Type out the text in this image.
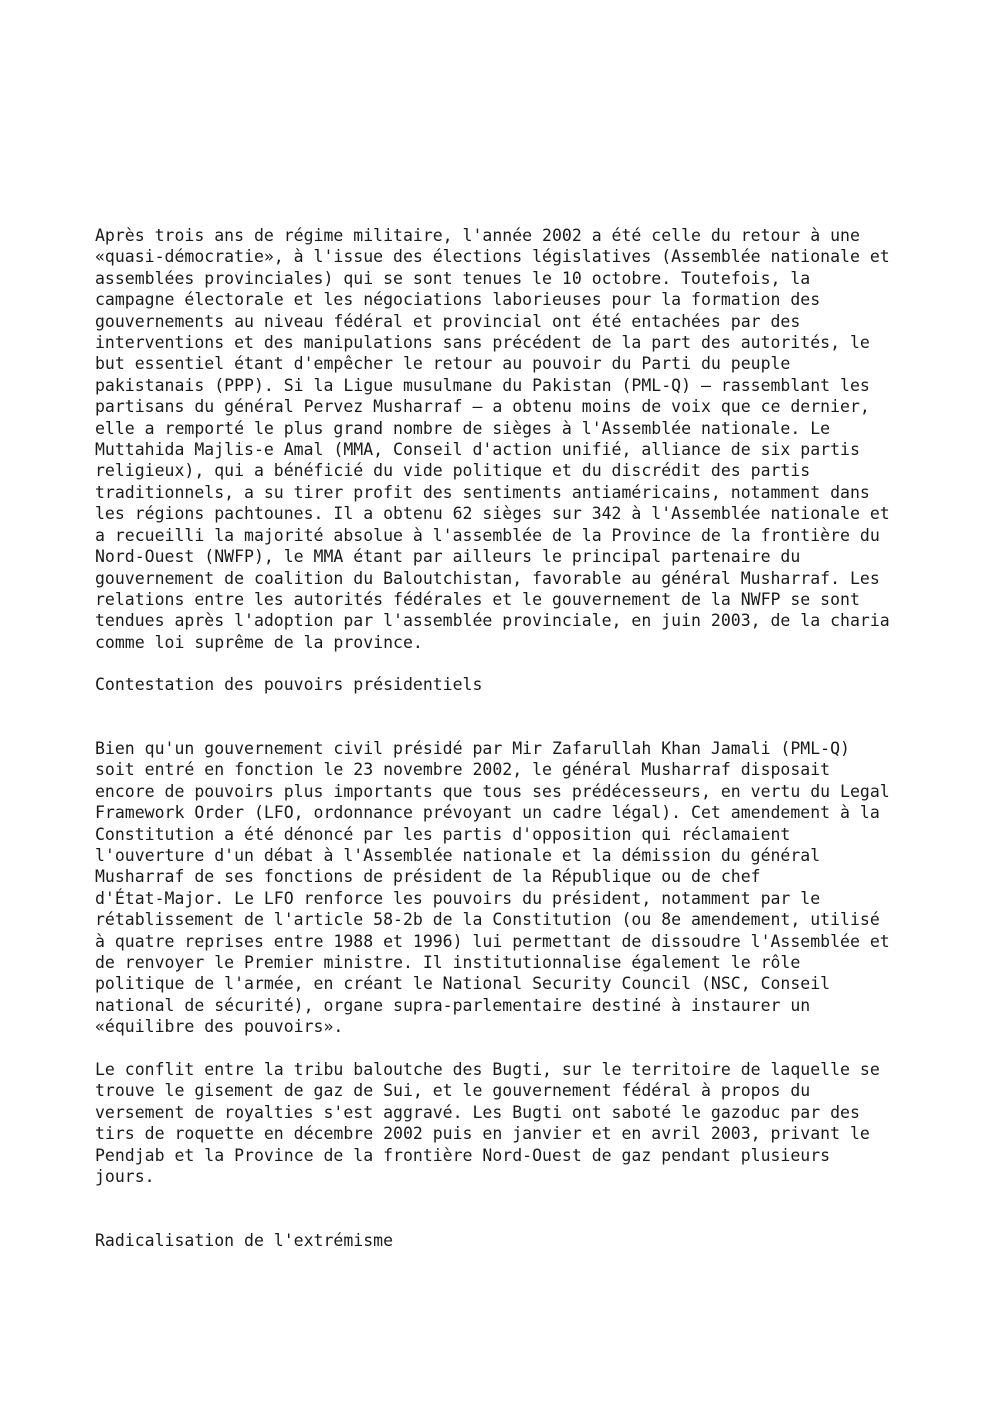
Après trois ans de régime militaire, l'année 2002 a été celle du retour à une
«quasi-démocratie», à l'issue des élections législatives (Assemblée nationale et
assemblées provinciales) qui se sont tenues le 10 octobre. Toutefois, la
campagne électorale et les négociations laborieuses pour la formation des
gouvernements au niveau fédéral et provincial ont été entachées par des
interventions et des manipulations sans précédent de la part des autorités, le
but essentiel étant d'empêcher le retour au pouvoir du Parti du peuple
pakistanais (PPP). Si la Ligue musulmane du Pakistan (PML-Q) – rassemblant les
partisans du général Pervez Musharraf – a obtenu moins de voix que ce dernier,
elle a remporté le plus grand nombre de sièges à l'Assemblée nationale. Le
Muttahida Majlis-e Amal (MMA, Conseil d'action unifié, alliance de six partis
religieux), qui a bénéficié du vide politique et du discrédit des partis
traditionnels, a su tirer profit des sentiments antiaméricains, notamment dans
les régions pachtounes. Il a obtenu 62 sièges sur 342 à l'Assemblée nationale et
a recueilli la majorité absolue à l'assemblée de la Province de la frontière du
Nord-Ouest (NWFP), le MMA étant par ailleurs le principal partenaire du
gouvernement de coalition du Baloutchistan, favorable au général Musharraf. Les
relations entre les autorités fédérales et le gouvernement de la NWFP se sont
tendues après l'adoption par l'assemblée provinciale, en juin 2003, de la charia
comme loi suprême de la province.

Contestation des pouvoirs présidentiels

Bien qu'un gouvernement civil présidé par Mir Zafarullah Khan Jamali (PML-Q)
soit entré en fonction le 23 novembre 2002, le général Musharraf disposait
encore de pouvoirs plus importants que tous ses prédécesseurs, en vertu du Legal
Framework Order (LFO, ordonnance prévoyant un cadre légal). Cet amendement à la
Constitution a été dénoncé par les partis d'opposition qui réclamaient
l'ouverture d'un débat à l'Assemblée nationale et la démission du général
Musharraf de ses fonctions de président de la République ou de chef
d'État-Major. Le LFO renforce les pouvoirs du président, notamment par le
rétablissement de l'article 58-2b de la Constitution (ou 8e amendement, utilisé
à quatre reprises entre 1988 et 1996) lui permettant de dissoudre l'Assemblée et
de renvoyer le Premier ministre. Il institutionnalise également le rôle
politique de l'armée, en créant le National Security Council (NSC, Conseil
national de sécurité), organe supra-parlementaire destiné à instaurer un
«équilibre des pouvoirs».

Le conflit entre la tribu baloutche des Bugti, sur le territoire de laquelle se
trouve le gisement de gaz de Sui, et le gouvernement fédéral à propos du
versement de royalties s'est aggravé. Les Bugti ont saboté le gazoduc par des
tirs de roquette en décembre 2002 puis en janvier et en avril 2003, privant le
Pendjab et la Province de la frontière Nord-Ouest de gaz pendant plusieurs
jours.

Radicalisation de l'extrémisme
